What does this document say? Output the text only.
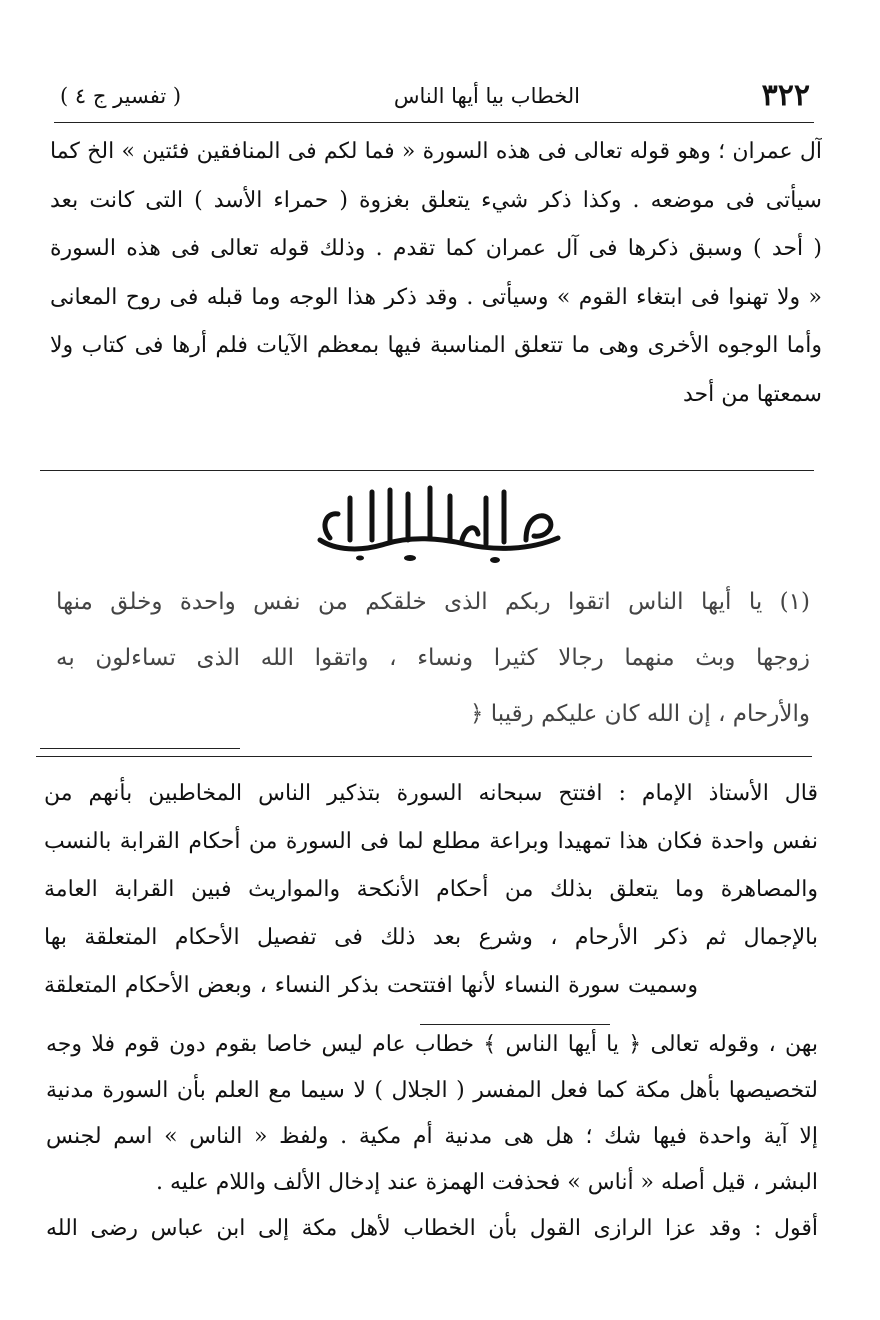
٣٢٢
الخطاب بيا أيها الناس
( تفسير ج ٤ )
آل عمران ؛ وهو قوله تعالى فى هذه السورة « فما لكم فى المنافقين فئتين » الخ كما
سيأتى فى موضعه . وكذا ذكر شيء يتعلق بغزوة ( حمراء الأسد ) التى كانت بعد
( أحد ) وسبق ذكرها فى آل عمران كما تقدم . وذلك قوله تعالى فى هذه السورة
« ولا تهنوا فى ابتغاء القوم » وسيأتى . وقد ذكر هذا الوجه وما قبله فى روح المعانى
وأما الوجوه الأخرى وهى ما تتعلق المناسبة فيها بمعظم الآيات فلم أرها فى كتاب ولا
سمعتها من أحد
(١) يا أيها الناس اتقوا ربكم الذى خلقكم من نفس واحدة وخلق منها
زوجها وبث منهما رجالا كثيرا ونساء ، واتقوا الله الذى تساءلون به
والأرحام ، إن الله كان عليكم رقيبا ﴿
قال الأستاذ الإمام : افتتح سبحانه السورة بتذكير الناس المخاطبين بأنهم من
نفس واحدة فكان هذا تمهيدا وبراعة مطلع لما فى السورة من أحكام القرابة بالنسب
والمصاهرة وما يتعلق بذلك من أحكام الأنكحة والمواريث فبين القرابة العامة
بالإجمال ثم ذكر الأرحام ، وشرع بعد ذلك فى تفصيل الأحكام المتعلقة بها
وسميت سورة النساء لأنها افتتحت بذكر النساء ، وبعض الأحكام المتعلقة
بهن ، وقوله تعالى ﴿ يا أيها الناس ﴾ خطاب عام ليس خاصا بقوم دون قوم فلا وجه
لتخصيصها بأهل مكة كما فعل المفسر ( الجلال ) لا سيما مع العلم بأن السورة مدنية
إلا آية واحدة فيها شك ؛ هل هى مدنية أم مكية . ولفظ « الناس » اسم لجنس
البشر ، قيل أصله « أناس » فحذفت الهمزة عند إدخال الألف واللام عليه .
أقول : وقد عزا الرازى القول بأن الخطاب لأهل مكة إلى ابن عباس رضى الله
